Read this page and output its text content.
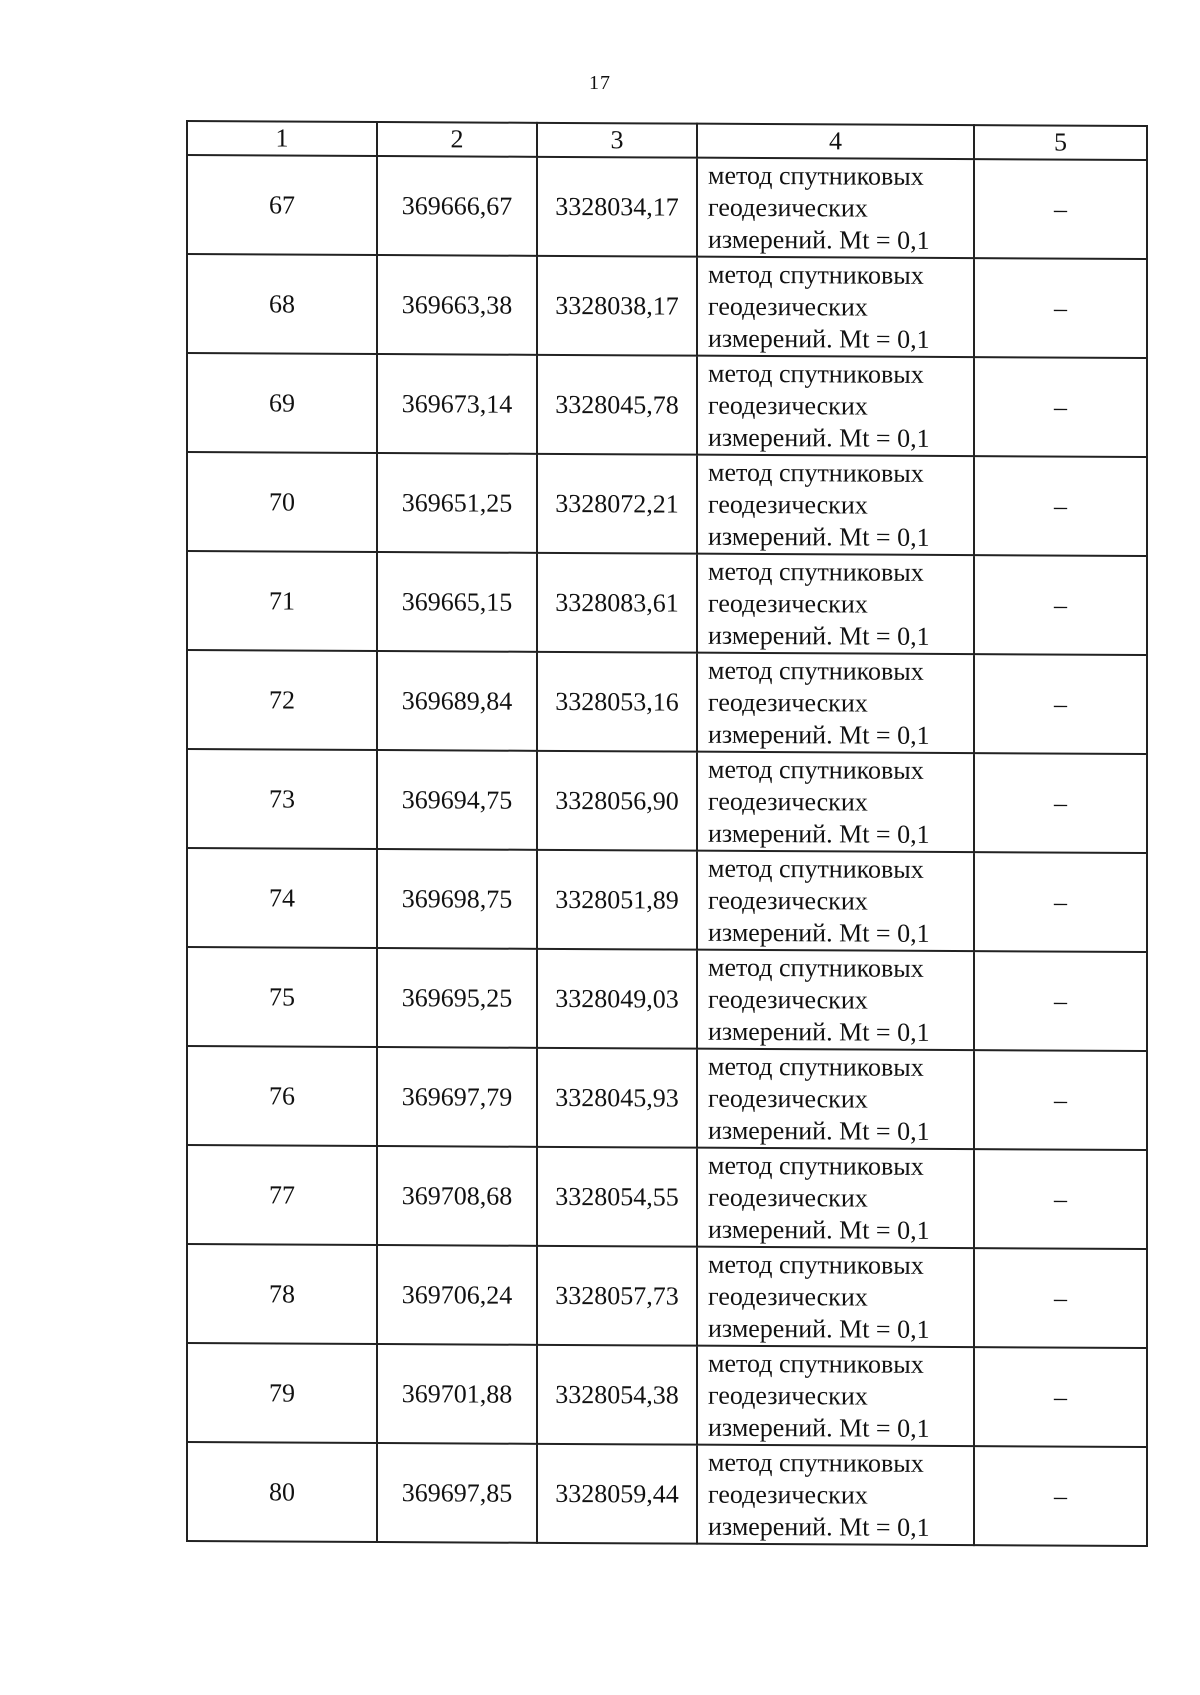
17
1	2	3	4	5
67	369666,67	3328034,17	метод спутниковых
геодезических
измерений. Mt = 0,1	–
68	369663,38	3328038,17	метод спутниковых
геодезических
измерений. Mt = 0,1	–
69	369673,14	3328045,78	метод спутниковых
геодезических
измерений. Mt = 0,1	–
70	369651,25	3328072,21	метод спутниковых
геодезических
измерений. Mt = 0,1	–
71	369665,15	3328083,61	метод спутниковых
геодезических
измерений. Mt = 0,1	–
72	369689,84	3328053,16	метод спутниковых
геодезических
измерений. Mt = 0,1	–
73	369694,75	3328056,90	метод спутниковых
геодезических
измерений. Mt = 0,1	–
74	369698,75	3328051,89	метод спутниковых
геодезических
измерений. Mt = 0,1	–
75	369695,25	3328049,03	метод спутниковых
геодезических
измерений. Mt = 0,1	–
76	369697,79	3328045,93	метод спутниковых
геодезических
измерений. Mt = 0,1	–
77	369708,68	3328054,55	метод спутниковых
геодезических
измерений. Mt = 0,1	–
78	369706,24	3328057,73	метод спутниковых
геодезических
измерений. Mt = 0,1	–
79	369701,88	3328054,38	метод спутниковых
геодезических
измерений. Mt = 0,1	–
80	369697,85	3328059,44	метод спутниковых
геодезических
измерений. Mt = 0,1	–
